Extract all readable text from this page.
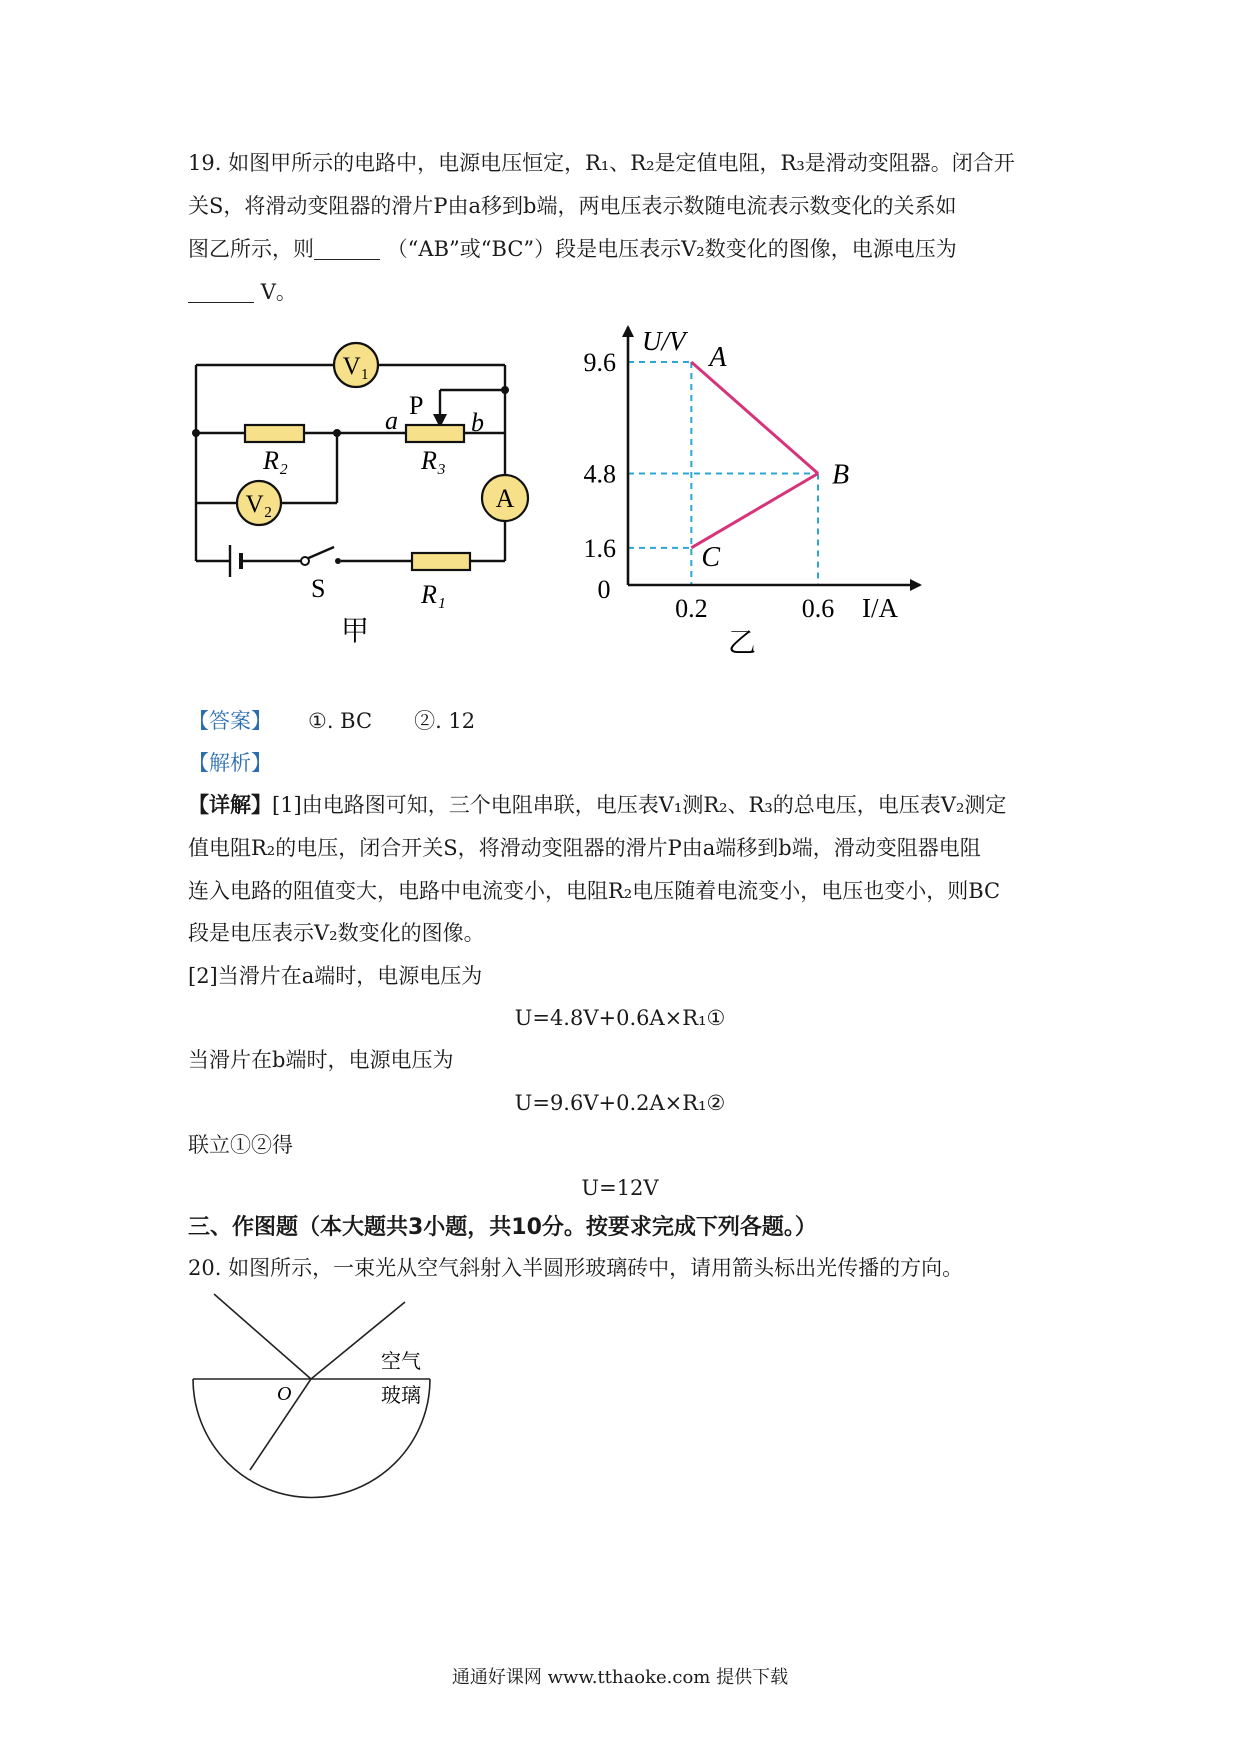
19. 如图甲所示的电路中，电源电压恒定，R₁、R₂是定值电阻，R₃是滑动变阻器。闭合开
关S，将滑动变阻器的滑片P由a移到b端，两电压表示数随电流表示数变化的关系如
图乙所示，则	（“AB”或“BC”）段是电压表示V₂数变化的图像，电源电压为
V。
V₁
V₂	A
R₂	R₃
R₁
a	b
P
S
甲
A
B
C
9.6
4.8
1.6
0.2	0.6
U/V
I/A
0
乙
【答案】 ①. BC　　②. 12
【解析】
【详解】[1]由电路图可知，三个电阻串联，电压表V₁测R₂、R₃的总电压，电压表V₂测定
值电阻R₂的电压，闭合开关S，将滑动变阻器的滑片P由a端移到b端，滑动变阻器电阻
连入电路的阻值变大，电路中电流变小，电阻R₂电压随着电流变小，电压也变小，则BC
段是电压表示V₂数变化的图像。
[2]当滑片在a端时，电源电压为
U=4.8V+0.6A×R₁①
当滑片在b端时，电源电压为
U=9.6V+0.2A×R₁②
联立①②得
U=12V
三、作图题（本大题共3小题，共10分。按要求完成下列各题。）
20. 如图所示，一束光从空气斜射入半圆形玻璃砖中，请用箭头标出光传播的方向。
空气
玻璃
O
通通好课网 www.tthaoke.com 提供下载
